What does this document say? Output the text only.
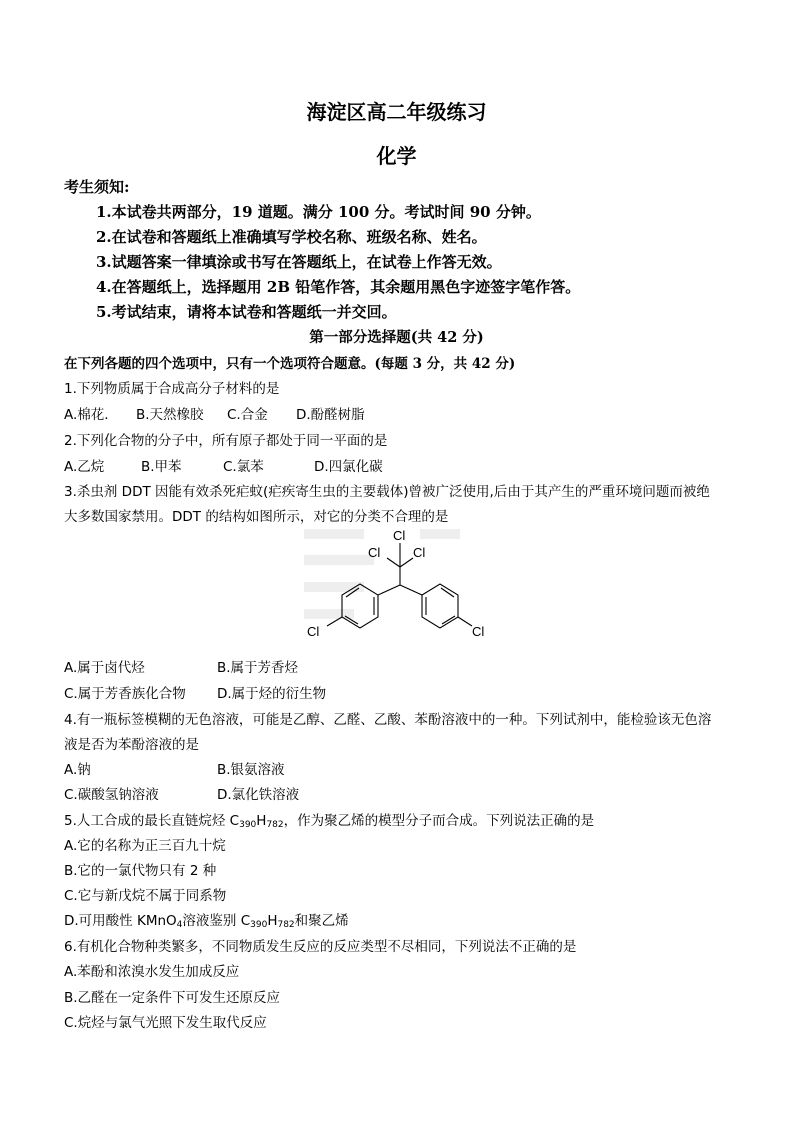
海淀区高二年级练习
化学
考生须知:
1.本试卷共两部分，19 道题。满分 100 分。考试时间 90 分钟。
2.在试卷和答题纸上准确填写学校名称、班级名称、姓名。
3.试题答案一律填涂或书写在答题纸上，在试卷上作答无效。
4.在答题纸上，选择题用 2B 铅笔作答，其余题用黑色字迹签字笔作答。
5.考试结束，请将本试卷和答题纸一并交回。
第一部分选择题(共 42 分)
在下列各题的四个选项中，只有一个选项符合题意。(每题 3 分，共 42 分)
1.下列物质属于合成高分子材料的是
A.棉花. B.天然橡胶 C.合金 D.酚醛树脂
2.下列化合物的分子中，所有原子都处于同一平面的是
A.乙烷	B.甲苯	C.氯苯	D.四氯化碳
3.杀虫剂 DDT 因能有效杀死疟蚊(疟疾寄生虫的主要载体)曾被广泛使用,后由于其产生的严重环境问题而被绝
大多数国家禁用。DDT 的结构如图所示，对它的分类不合理的是
Cl
Cl	Cl
Cl	Cl
A.属于卤代烃	B.属于芳香烃
C.属于芳香族化合物 D.属于烃的衍生物
4.有一瓶标签模糊的无色溶液，可能是乙醇、乙醛、乙酸、苯酚溶液中的一种。下列试剂中，能检验该无色溶
液是否为苯酚溶液的是
A.钠	B.银氨溶液
C.碳酸氢钠溶液	D.氯化铁溶液
5.人工合成的最长直链烷烃 $C_{390}H_{782}$，作为聚乙烯的模型分子而合成。下列说法正确的是
A.它的名称为正三百九十烷
B.它的一氯代物只有 2 种
C.它与新戊烷不属于同系物
D.可用酸性 KMnO$_4$溶液鉴别 $C_{390}H_{782}$和聚乙烯
6.有机化合物种类繁多，不同物质发生反应的反应类型不尽相同，下列说法不正确的是
A.苯酚和浓溴水发生加成反应
B.乙醛在一定条件下可发生还原反应
C.烷烃与氯气光照下发生取代反应
